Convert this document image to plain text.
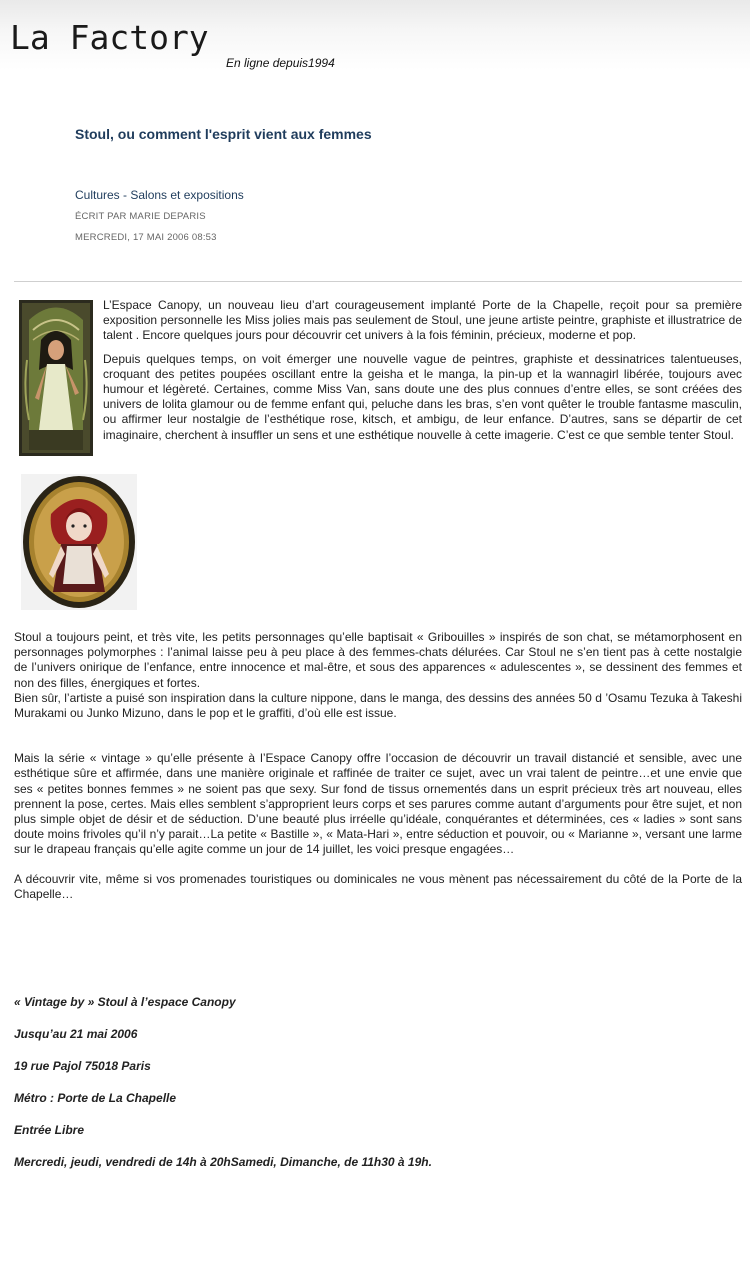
La Factory
En ligne depuis1994
Stoul, ou comment l'esprit vient aux femmes
Cultures - Salons et expositions
ÉCRIT PAR MARIE DEPARIS
MERCREDI, 17 MAI 2006 08:53

L’Espace Canopy, un nouveau lieu d’art courageusement implanté Porte de la Chapelle, reçoit pour sa première exposition personnelle les Miss jolies mais pas seulement de Stoul, une jeune artiste peintre, graphiste et illustratrice de talent . Encore quelques jours pour découvrir cet univers à la fois féminin, précieux, moderne et pop.

Depuis quelques temps, on voit émerger une nouvelle vague de peintres, graphiste et dessinatrices talentueuses, croquant des petites poupées oscillant entre la geisha et le manga, la pin-up et la wannagirl libérée, toujours avec humour et légèreté. Certaines, comme Miss Van, sans doute une des plus connues d’entre elles, se sont créées des univers de lolita glamour ou de femme enfant qui, peluche dans les bras, s’en vont quêter le trouble fantasme masculin, ou affirmer leur nostalgie de l’esthétique rose, kitsch, et ambigu, de leur enfance. D’autres, sans se départir de cet imaginaire, cherchent à insuffler un sens et une esthétique nouvelle à cette imagerie. C’est ce que semble tenter Stoul.

Stoul a toujours peint, et très vite, les petits personnages qu’elle baptisait « Gribouilles » inspirés de son chat, se métamorphosent en personnages polymorphes : l’animal laisse peu à peu place à des femmes-chats délurées. Car Stoul ne s’en tient pas à cette nostalgie de l’univers onirique de l’enfance, entre innocence et mal-être, et sous des apparences « adulescentes », se dessinent des femmes et non des filles, énergiques et fortes.

Bien sûr, l’artiste a puisé son inspiration dans la culture nippone, dans le manga, des dessins des années 50 d ’Osamu Tezuka à Takeshi Murakami ou Junko Mizuno, dans le pop et le graffiti, d’où elle est issue.

Mais la série « vintage » qu’elle présente à l’Espace Canopy offre l’occasion de découvrir un travail distancié et sensible, avec une esthétique sûre et affirmée, dans une manière originale et raffinée de traiter ce sujet, avec un vrai talent de peintre…et une envie que ses « petites bonnes femmes » ne soient pas que sexy. Sur fond de tissus ornementés dans un esprit précieux très art nouveau, elles prennent la pose, certes. Mais elles semblent s’approprient leurs corps et ses parures comme autant d’arguments pour être sujet, et non plus simple objet de désir et de séduction. D’une beauté plus irréelle qu’idéale, conquérantes et déterminées, ces « ladies » sont sans doute moins frivoles qu’il n’y parait…La petite « Bastille », « Mata-Hari », entre séduction et pouvoir, ou « Marianne », versant une larme sur le drapeau français qu’elle agite comme un jour de 14 juillet, les voici presque engagées…

A découvrir vite, même si vos promenades touristiques ou dominicales ne vous mènent pas nécessairement du côté de la Porte de la Chapelle…

« Vintage by » Stoul à l’espace Canopy
Jusqu’au 21 mai 2006
19 rue Pajol 75018 Paris
Métro : Porte de La Chapelle
Entrée Libre
Mercredi, jeudi, vendredi de 14h à 20hSamedi, Dimanche, de 11h30 à 19h.
